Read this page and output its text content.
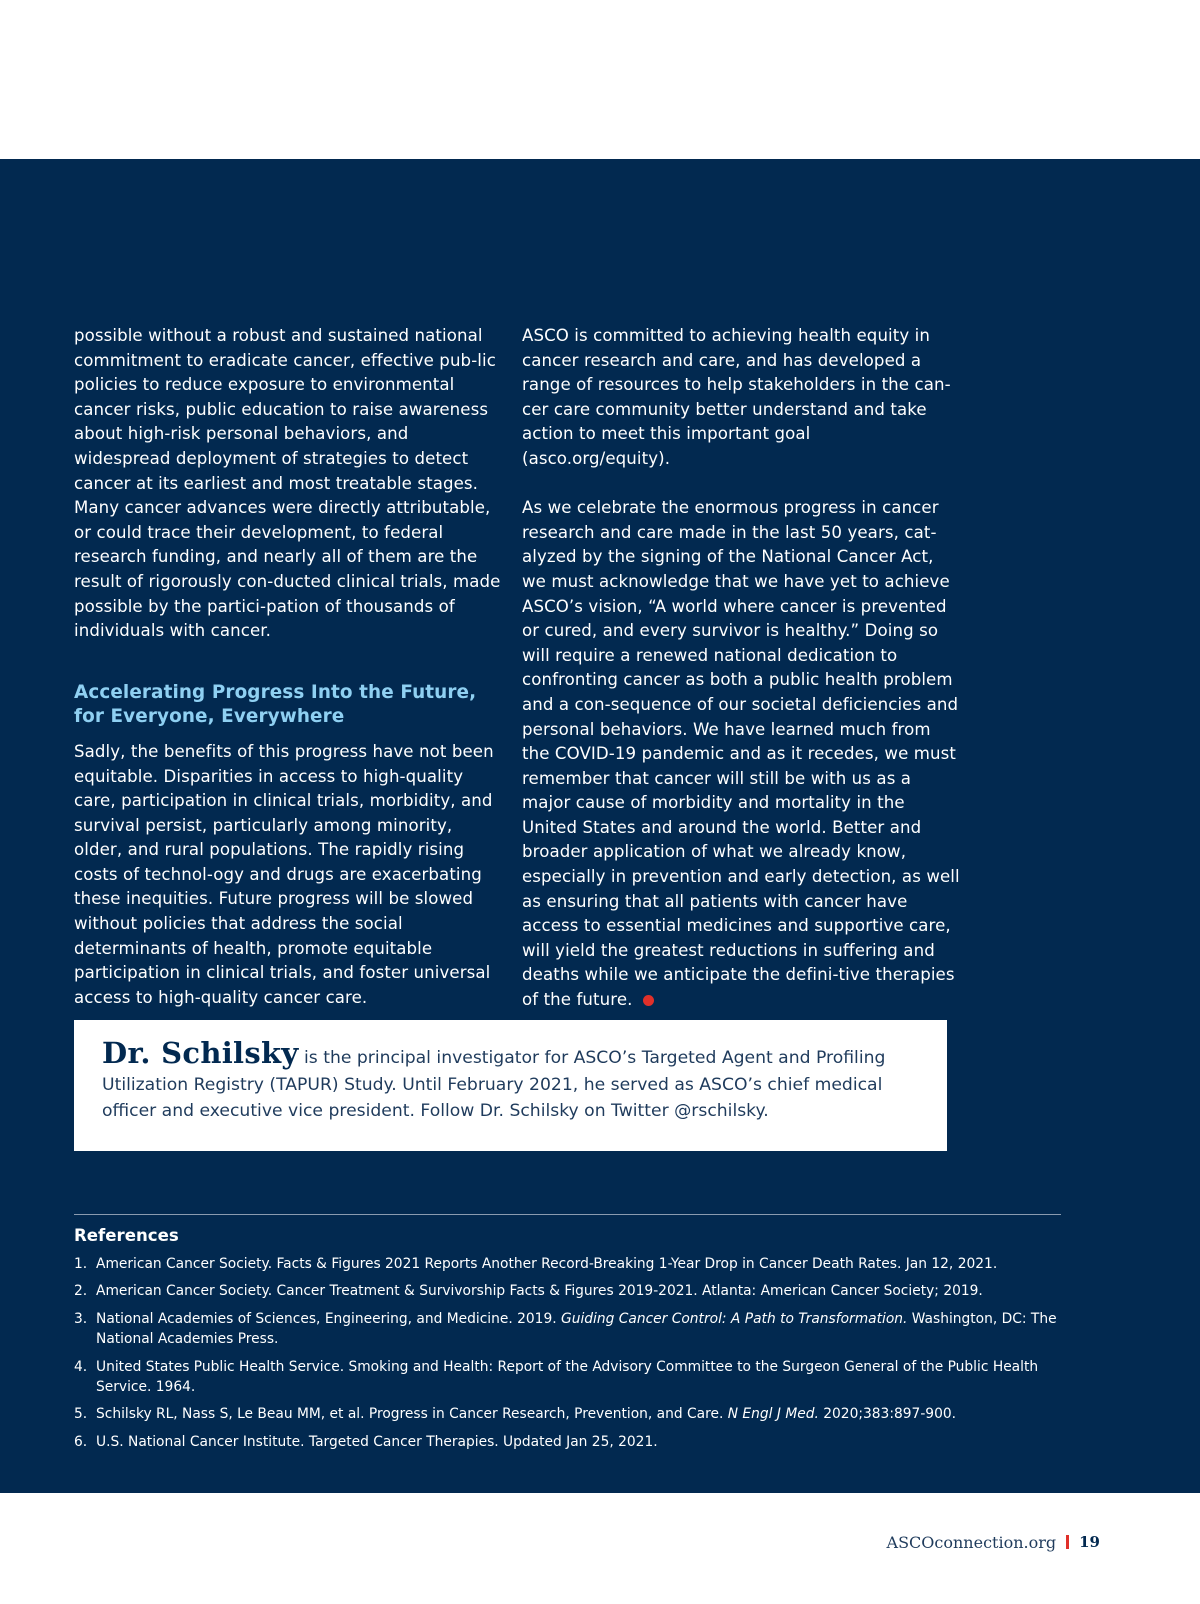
possible without a robust and sustained national commitment to eradicate cancer, effective pub-lic policies to reduce exposure to environmental cancer risks, public education to raise awareness about high-risk personal behaviors, and widespread deployment of strategies to detect cancer at its earliest and most treatable stages. Many cancer advances were directly attributable, or could trace their development, to federal research funding, and nearly all of them are the result of rigorously con-ducted clinical trials, made possible by the partici-pation of thousands of individuals with cancer.

Accelerating Progress Into the Future, for Everyone, Everywhere

Sadly, the benefits of this progress have not been equitable. Disparities in access to high-quality care, participation in clinical trials, morbidity, and survival persist, particularly among minority, older, and rural populations. The rapidly rising costs of technol-ogy and drugs are exacerbating these inequities. Future progress will be slowed without policies that address the social determinants of health, promote equitable participation in clinical trials, and foster universal access to high-quality cancer care.

ASCO is committed to achieving health equity in cancer research and care, and has developed a range of resources to help stakeholders in the can-cer care community better understand and take action to meet this important goal (asco.org/equity).

As we celebrate the enormous progress in cancer research and care made in the last 50 years, cat-alyzed by the signing of the National Cancer Act, we must acknowledge that we have yet to achieve ASCO’s vision, “A world where cancer is prevented or cured, and every survivor is healthy.” Doing so will require a renewed national dedication to confronting cancer as both a public health problem and a con-sequence of our societal deficiencies and personal behaviors. We have learned much from the COVID-19 pandemic and as it recedes, we must remember that cancer will still be with us as a major cause of morbidity and mortality in the United States and around the world. Better and broader application of what we already know, especially in prevention and early detection, as well as ensuring that all patients with cancer have access to essential medicines and supportive care, will yield the greatest reductions in suffering and deaths while we anticipate the defini-tive therapies of the future.

Dr. Schilsky is the principal investigator for ASCO’s Targeted Agent and Profiling Utilization Registry (TAPUR) Study. Until February 2021, he served as ASCO’s chief medical officer and executive vice president. Follow Dr. Schilsky on Twitter @rschilsky.
References
1. American Cancer Society. Facts & Figures 2021 Reports Another Record-Breaking 1-Year Drop in Cancer Death Rates. Jan 12, 2021.
2. American Cancer Society. Cancer Treatment & Survivorship Facts & Figures 2019-2021. Atlanta: American Cancer Society; 2019.
3. National Academies of Sciences, Engineering, and Medicine. 2019. Guiding Cancer Control: A Path to Transformation. Washington, DC: The National Academies Press.
4. United States Public Health Service. Smoking and Health: Report of the Advisory Committee to the Surgeon General of the Public Health Service. 1964.
5. Schilsky RL, Nass S, Le Beau MM, et al. Progress in Cancer Research, Prevention, and Care. N Engl J Med. 2020;383:897-900.
6. U.S. National Cancer Institute. Targeted Cancer Therapies. Updated Jan 25, 2021.
ASCOconnection.org 19
